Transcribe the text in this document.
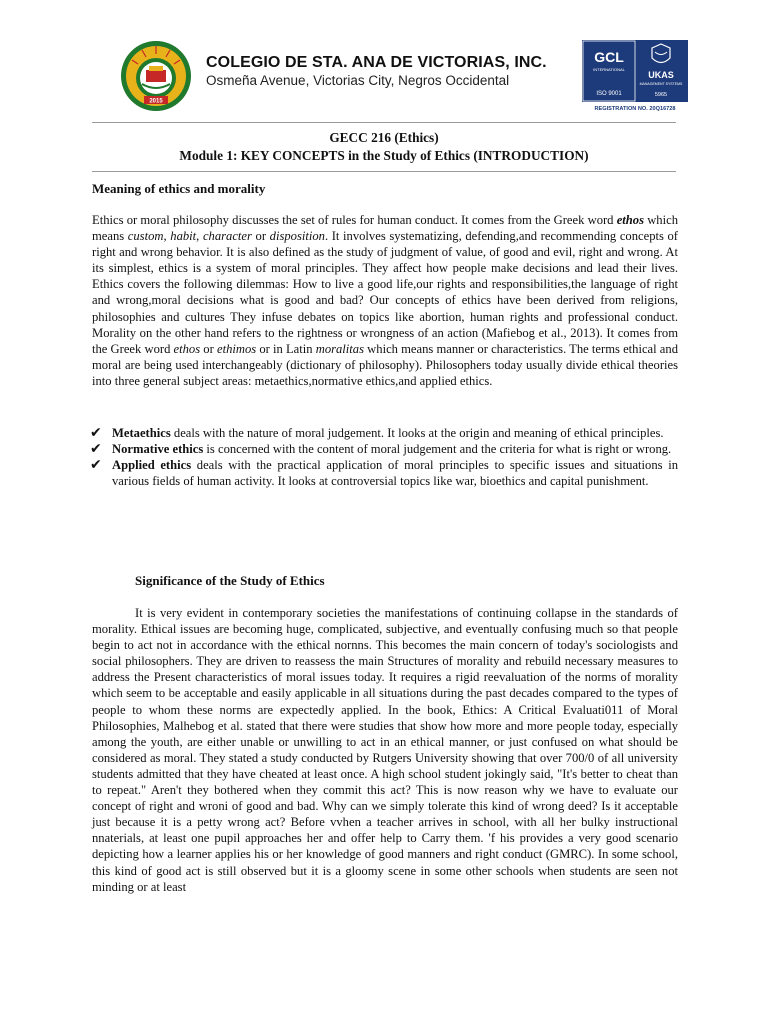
2015
COLEGIO DE STA. ANA DE VICTORIAS, INC.
Osmeña Avenue, Victorias City, Negros Occidental
GCL
INTERNATIONAL
ISO 9001
UKAS
MANAGEMENT SYSTEMS
5965
REGISTRATION NO. 20Q16728
GECC 216 (Ethics)
Module 1: KEY CONCEPTS in the Study of Ethics (INTRODUCTION)
Meaning of ethics and morality
Ethics or moral philosophy discusses the set of rules for human conduct. It comes from the Greek word ethos which means custom, habit, character or disposition. It involves systematizing, defending,and recommending concepts of right and wrong behavior. It is also defined as the study of judgment of value, of good and evil, right and wrong. At its simplest, ethics is a system of moral principles. They affect how people make decisions and lead their lives. Ethics covers the following dilemmas: How to live a good life,our rights and responsibilities,the language of right and wrong,moral decisions what is good and bad? Our concepts of ethics have been derived from religions, philosophies and cultures They infuse debates on topics like abortion, human rights and professional conduct. Morality on the other hand refers to the rightness or wrongness of an action (Mafiebog et al., 2013). It comes from the Greek word ethos or ethimos or in Latin moralitas which means manner or characteristics. The terms ethical and moral are being used interchangeably (dictionary of philosophy). Philosophers today usually divide ethical theories into three general subject areas: metaethics,normative ethics,and applied ethics.
✔ Metaethics deals with the nature of moral judgement. It looks at the origin and meaning of ethical principles.
✔ Normative ethics is concerned with the content of moral judgement and the criteria for what is right or wrong.
✔ Applied ethics deals with the practical application of moral principles to specific issues and situations in various fields of human activity. It looks at controversial topics like war, bioethics and capital punishment.
Significance of the Study of Ethics
It is very evident in contemporary societies the manifestations of continuing collapse in the standards of morality. Ethical issues are becoming huge, complicated, subjective, and eventually confusing much so that people begin to act not in accordance with the ethical nornns. This becomes the main concern of today's sociologists and social philosophers. They are driven to reassess the main Structures of morality and rebuild necessary measures to address the Present characteristics of moral issues today. It requires a rigid reevaluation of the norms of morality which seem to be acceptable and easily applicable in all situations during the past decades compared to the types of people to whom these norms are expectedly applied. In the book, Ethics: A Critical Evaluati011 of Moral Philosophies, Malhebog et al. stated that there were studies that show how more and more people today, especially among the youth, are either unable or unwilling to act in an ethical manner, or just confused on what should be considered as moral. They stated a study conducted by Rutgers University showing that over 700/0 of all university students admitted that they have cheated at least once. A high school student jokingly said, "It's better to cheat than to repeat." Aren't they bothered when they commit this act? This is now reason why we have to evaluate our concept of right and wroni of good and bad. Why can we simply tolerate this kind of wrong deed? Is it acceptable just because it is a petty wrong act? Before vvhen a teacher arrives in school, with all her bulky instructional nnaterials, at least one pupil approaches her and offer help to Carry them. 'f his provides a very good scenario depicting how a learner applies his or her knowledge of good manners and right conduct (GMRC). In some school, this kind of good act is still observed but it is a gloomy scene in some other schools when students are seen not minding or at least
